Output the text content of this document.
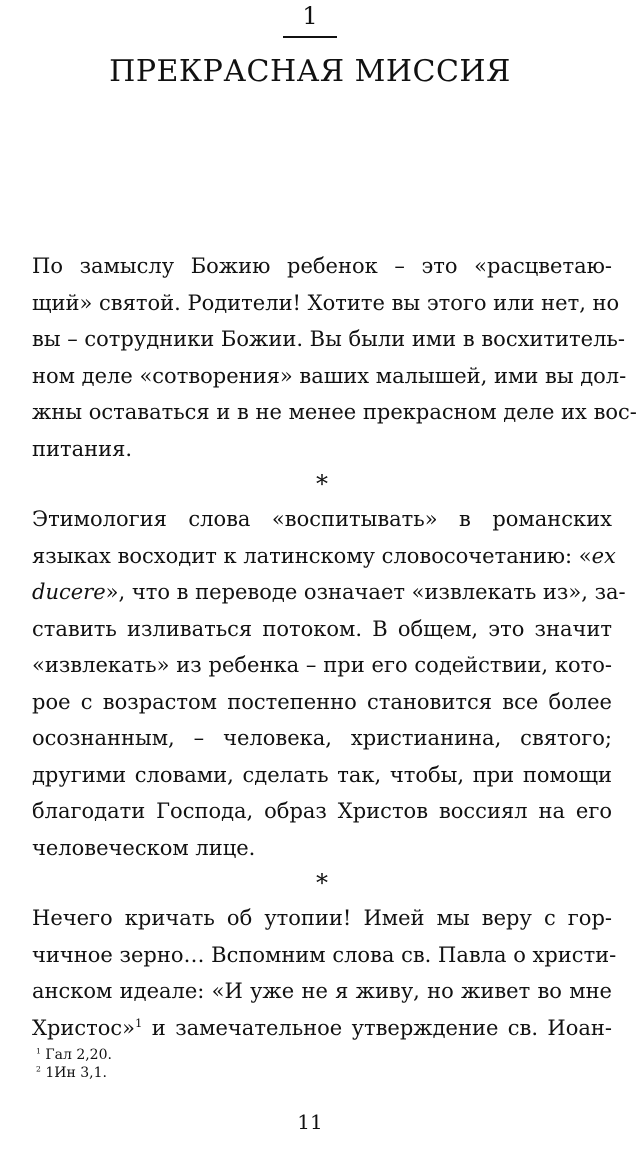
1
ПРЕКРАСНАЯ МИССИЯ

По замыслу Божию ребенок – это «расцветаю-
щий» святой. Родители! Хотите вы этого или нет, но
вы – сотрудники Божии. Вы были ими в восхититель-
ном деле «сотворения» ваших малышей, ими вы дол-
жны оставаться и в не менее прекрасном деле их вос-
питания.

*

Этимология слова «воспитывать» в романских
языках восходит к латинскому словосочетанию: «ex
ducere», что в переводе означает «извлекать из», за-
ставить изливаться потоком. В общем, это значит
«извлекать» из ребенка – при его содействии, кото-
рое с возрастом постепенно становится все более
осознанным, – человека, христианина, святого;
другими словами, сделать так, чтобы, при помощи
благодати Господа, образ Христов воссиял на его
человеческом лице.

*

Нечего кричать об утопии! Имей мы веру с гор-
чичное зерно… Вспомним слова св. Павла о христи-
анском идеале: «И уже не я живу, но живет во мне
Христос»$^1$ и замечательное утверждение св. Иоан-

$^1$ Гал 2,20.
$^2$ 1Ин 3,1.
11
